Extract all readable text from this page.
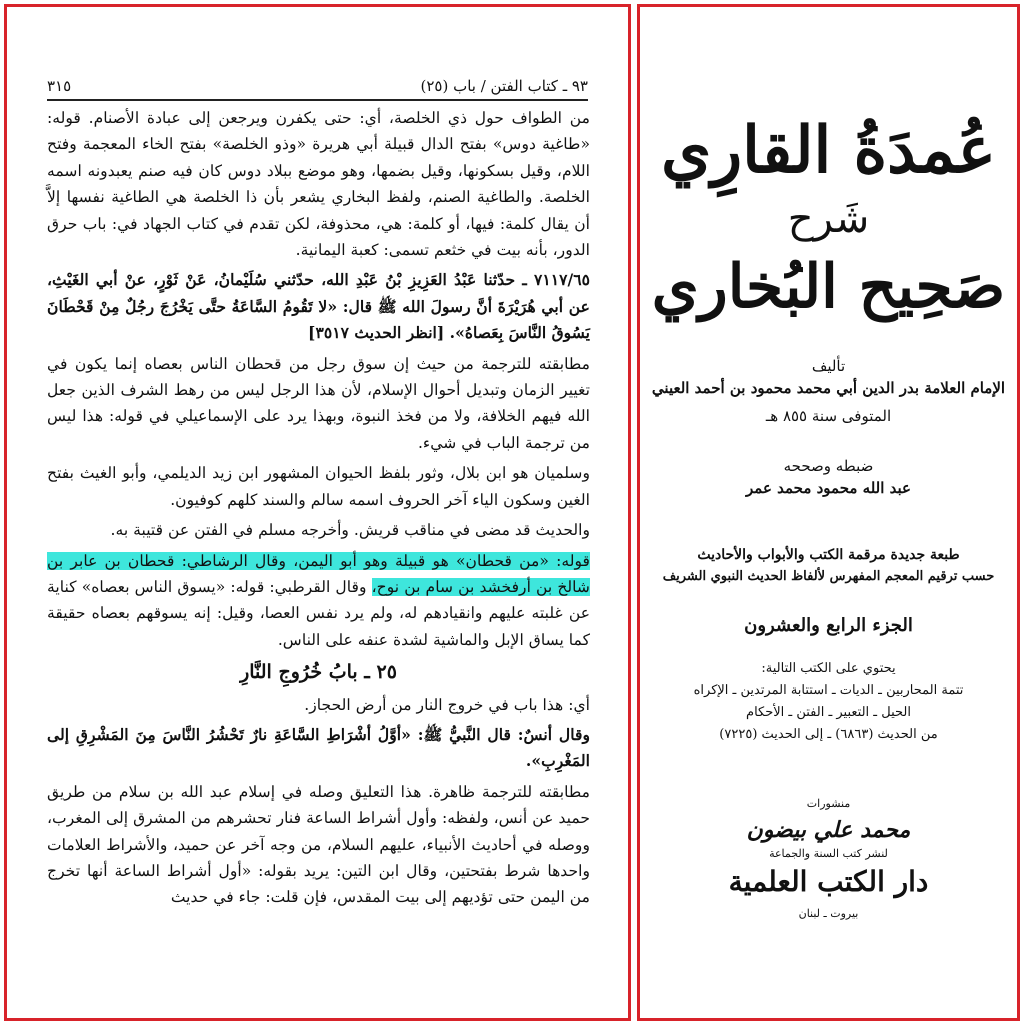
٩٣ ـ كتاب الفتن / باب (٢٥)
٣١٥

من الطواف حول ذي الخلصة، أي: حتى يكفرن ويرجعن إلى عبادة الأصنام. قوله: «طاغية دوس» بفتح الدال قبيلة أبي هريرة «وذو الخلصة» بفتح الخاء المعجمة وفتح اللام، وقيل بسكونها، وقيل بضمها، وهو موضع ببلاد دوس كان فيه صنم يعبدونه اسمه الخلصة. والطاغية الصنم، ولفظ البخاري يشعر بأن ذا الخلصة هي الطاغية نفسها إلاَّ أن يقال كلمة: فيها، أو كلمة: هي، محذوفة، لكن تقدم في كتاب الجهاد في: باب حرق الدور، بأنه بيت في خثعم تسمى: كعبة اليمانية.

٧١١٧/٦٥ ـ حدّثنا عَبْدُ العَزِيزِ بْنُ عَبْدِ الله، حدّثني سُلَيْمانُ، عَنْ ثَوْرٍ، عنْ أبي الغَيْثِ، عن أبي هُرَيْرَةَ أنَّ رسولَ الله ﷺ قال: «لا تَقُومُ السَّاعَةُ حتَّى يَخْرُجَ رجُلٌ مِنْ قَحْطَانَ يَسُوقُ النَّاسَ بِعَصاهُ». [انظر الحديث ٣٥١٧]

مطابقته للترجمة من حيث إن سوق رجل من قحطان الناس بعصاه إنما يكون في تغيير الزمان وتبديل أحوال الإسلام، لأن هذا الرجل ليس من رهط الشرف الذين جعل الله فيهم الخلافة، ولا من فخذ النبوة، وبهذا يرد على الإسماعيلي في قوله: هذا ليس من ترجمة الباب في شيء.

وسلميان هو ابن بلال، وثور بلفظ الحيوان المشهور ابن زيد الديلمي، وأبو الغيث بفتح الغين وسكون الياء آخر الحروف اسمه سالم والسند كلهم كوفيون.

والحديث قد مضى في مناقب قريش. وأخرجه مسلم في الفتن عن قتيبة به.

قوله: «من قحطان» هو قبيلة وهو أبو اليمن، وقال الرشاطي: قحطان بن عابر بن شالخ بن أرفخشد بن سام بن نوح، وقال القرطبي: قوله: «يسوق الناس بعصاه» كناية عن غلبته عليهم وانقيادهم له، ولم يرد نفس العصا، وقيل: إنه يسوقهم بعصاه حقيقة كما يساق الإبل والماشية لشدة عنفه على الناس.

٢٥ ـ بابُ خُرُوجِ النَّارِ

أي: هذا باب في خروج النار من أرض الحجاز.

وقال أنسٌ: قال النَّبيُّ ﷺ: «أوَّلُ أشْرَاطِ السَّاعَةِ نارٌ تَحْشُرُ النَّاسَ مِنَ المَشْرِقِ إلى المَغْرِبِ».

مطابقته للترجمة ظاهرة. هذا التعليق وصله في إسلام عبد الله بن سلام من طريق حميد عن أنس، ولفظه: وأول أشراط الساعة فنار تحشرهم من المشرق إلى المغرب، ووصله في أحاديث الأنبياء، عليهم السلام، من وجه آخر عن حميد، والأشراط العلامات واحدها شرط بفتحتين، وقال ابن التين: يريد بقوله: «أول أشراط الساعة أنها تخرج من اليمن حتى تؤديهم إلى بيت المقدس، فإن قلت: جاء في حديث

عُمدَةُ القارِي
شَرح
صَحِيح البُخاري
تأليف
الإمام العلامة بدر الدين أبي محمد محمود بن أحمد العيني
المتوفى سنة ٨٥٥ هـ
ضبطه وصححه
عبد الله محمود محمد عمر
طبعة جديدة مرقمة الكتب والأبواب والأحاديث
حسب ترقيم المعجم المفهرس لألفاظ الحديث النبوي الشريف
الجزء الرابع والعشرون
يحتوي على الكتب التالية:
تتمة المحاربين ـ الديات ـ استتابة المرتدين ـ الإكراه
الحيل ـ التعبير ـ الفتن ـ الأحكام
من الحديث (٦٨٦٣) ـ إلى الحديث (٧٢٢٥)
منشورات
محمد علي بيضون
لنشر كتب السنة والجماعة
دار الكتب العلمية
بيروت ـ لبنان
